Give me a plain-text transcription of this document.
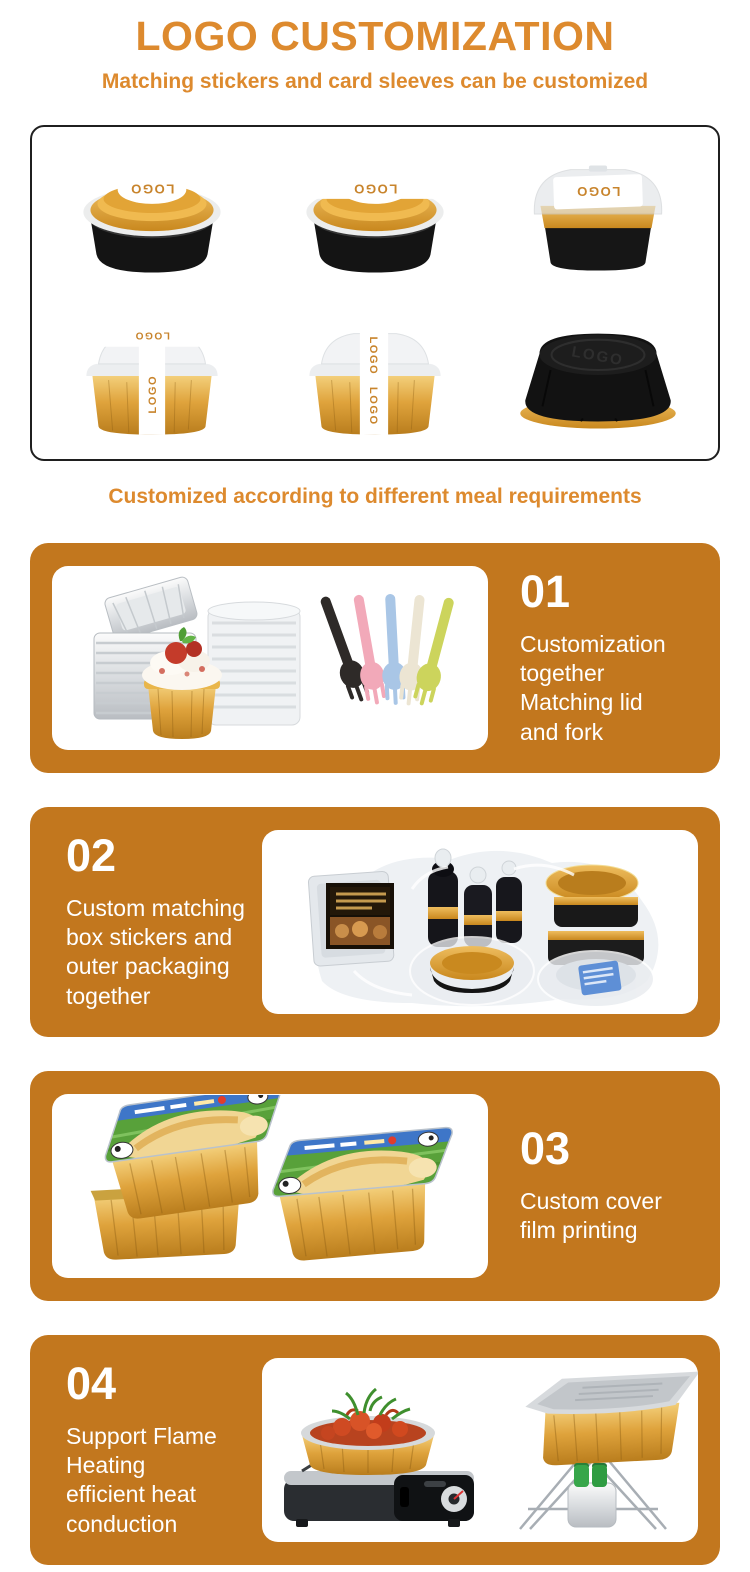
LOGO CUSTOMIZATION

Matching stickers and card sleeves can be customized

LOGO	LOGO	LOGO
LOGO
LOGO
LOGO
LOGO
LOGO
Customized according to different meal requirements
01
Customization
together
Matching lid
and fork
02
Custom matching
box stickers and
outer packaging
together
03
Custom cover
film printing
04
Support Flame
Heating
efficient heat
conduction
